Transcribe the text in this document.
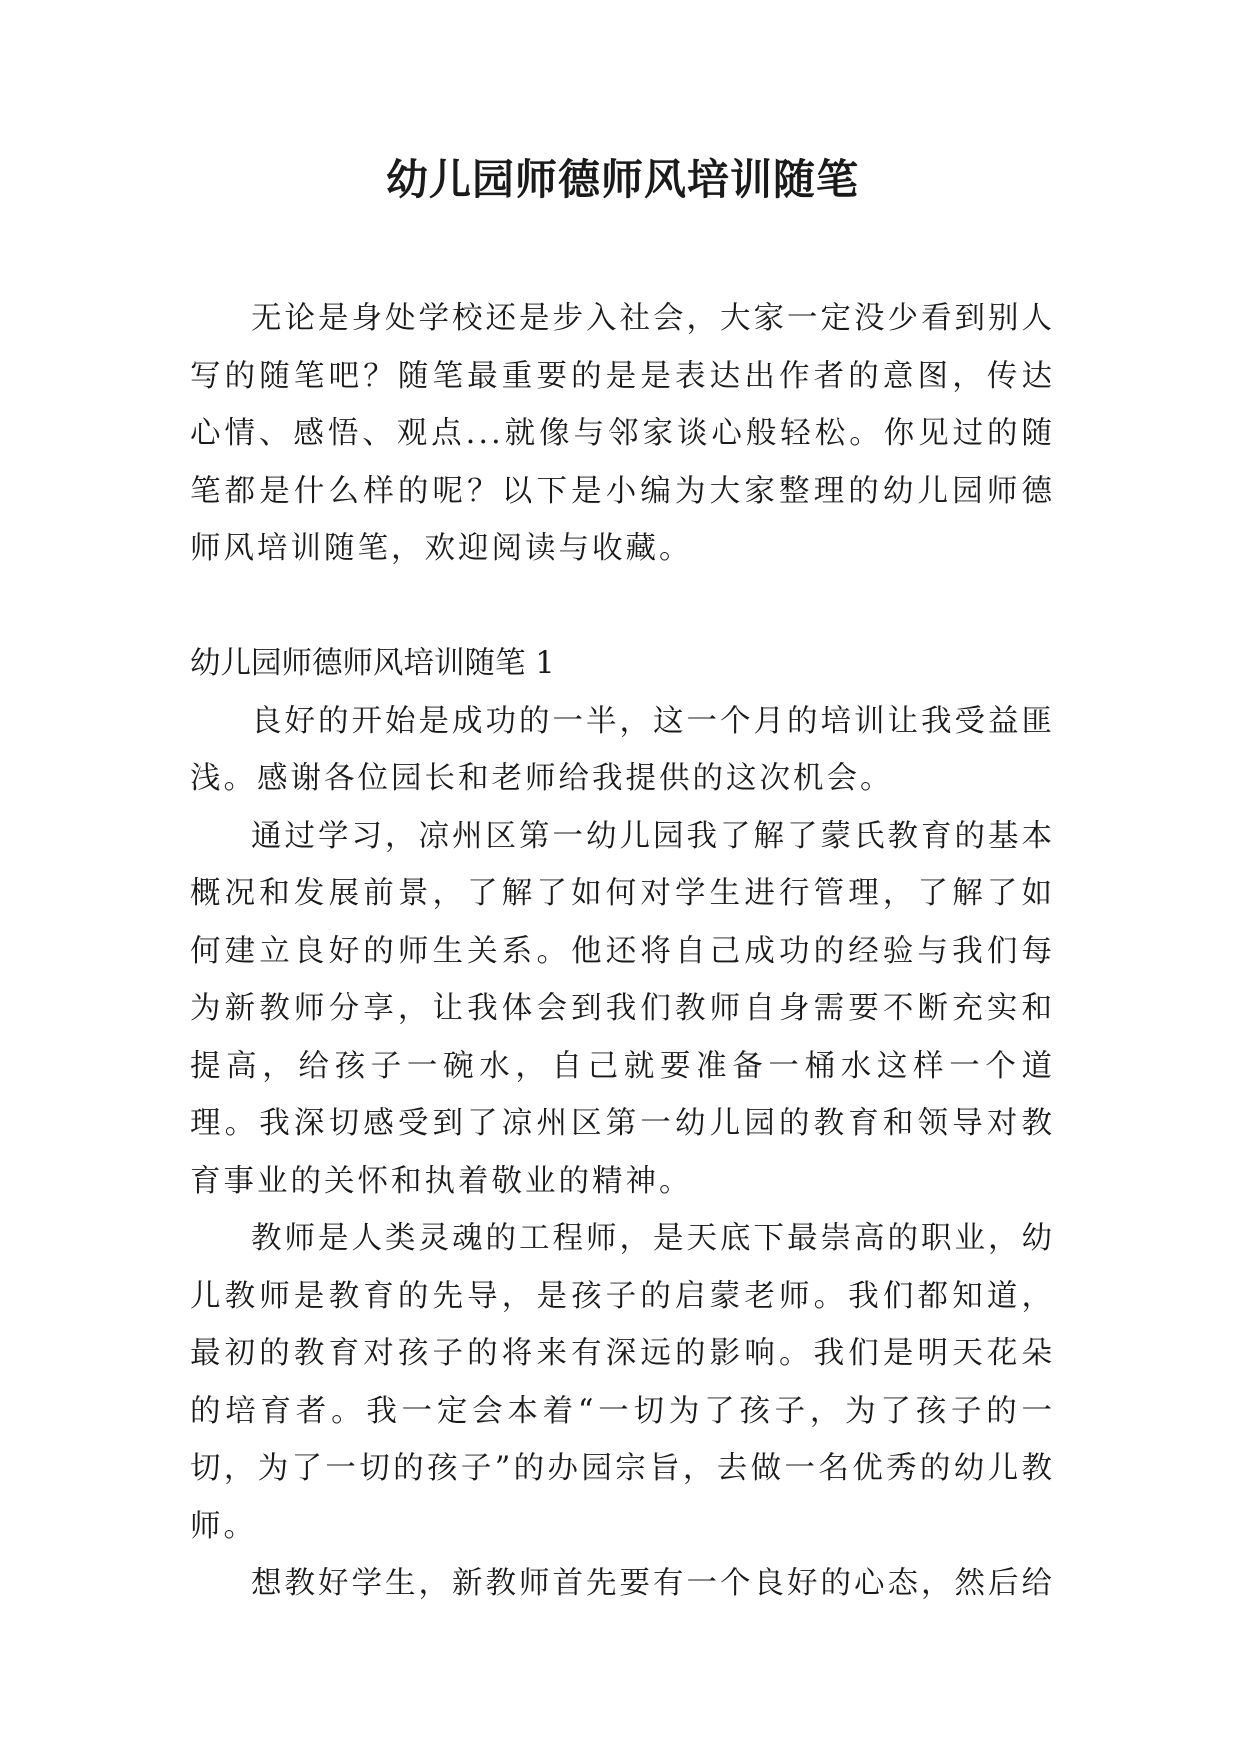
幼儿园师德师风培训随笔

无论是身处学校还是步入社会，大家一定没少看到别人写的随笔吧？随笔最重要的是是表达出作者的意图，传达心情、感悟、观点...就像与邻家谈心般轻松。你见过的随笔都是什么样的呢？以下是小编为大家整理的幼儿园师德师风培训随笔，欢迎阅读与收藏。

幼儿园师德师风培训随笔 1

良好的开始是成功的一半，这一个月的培训让我受益匪浅。感谢各位园长和老师给我提供的这次机会。

通过学习，凉州区第一幼儿园我了解了蒙氏教育的基本概况和发展前景，了解了如何对学生进行管理，了解了如何建立良好的师生关系。他还将自己成功的经验与我们每为新教师分享，让我体会到我们教师自身需要不断充实和提高，给孩子一碗水，自己就要准备一桶水这样一个道理。我深切感受到了凉州区第一幼儿园的教育和领导对教育事业的关怀和执着敬业的精神。

教师是人类灵魂的工程师，是天底下最崇高的职业，幼儿教师是教育的先导，是孩子的启蒙老师。我们都知道，最初的教育对孩子的将来有深远的影响。我们是明天花朵的培育者。我一定会本着“一切为了孩子，为了孩子的一切，为了一切的孩子”的办园宗旨，去做一名优秀的幼儿教师。

想教好学生，新教师首先要有一个良好的心态，然后给
